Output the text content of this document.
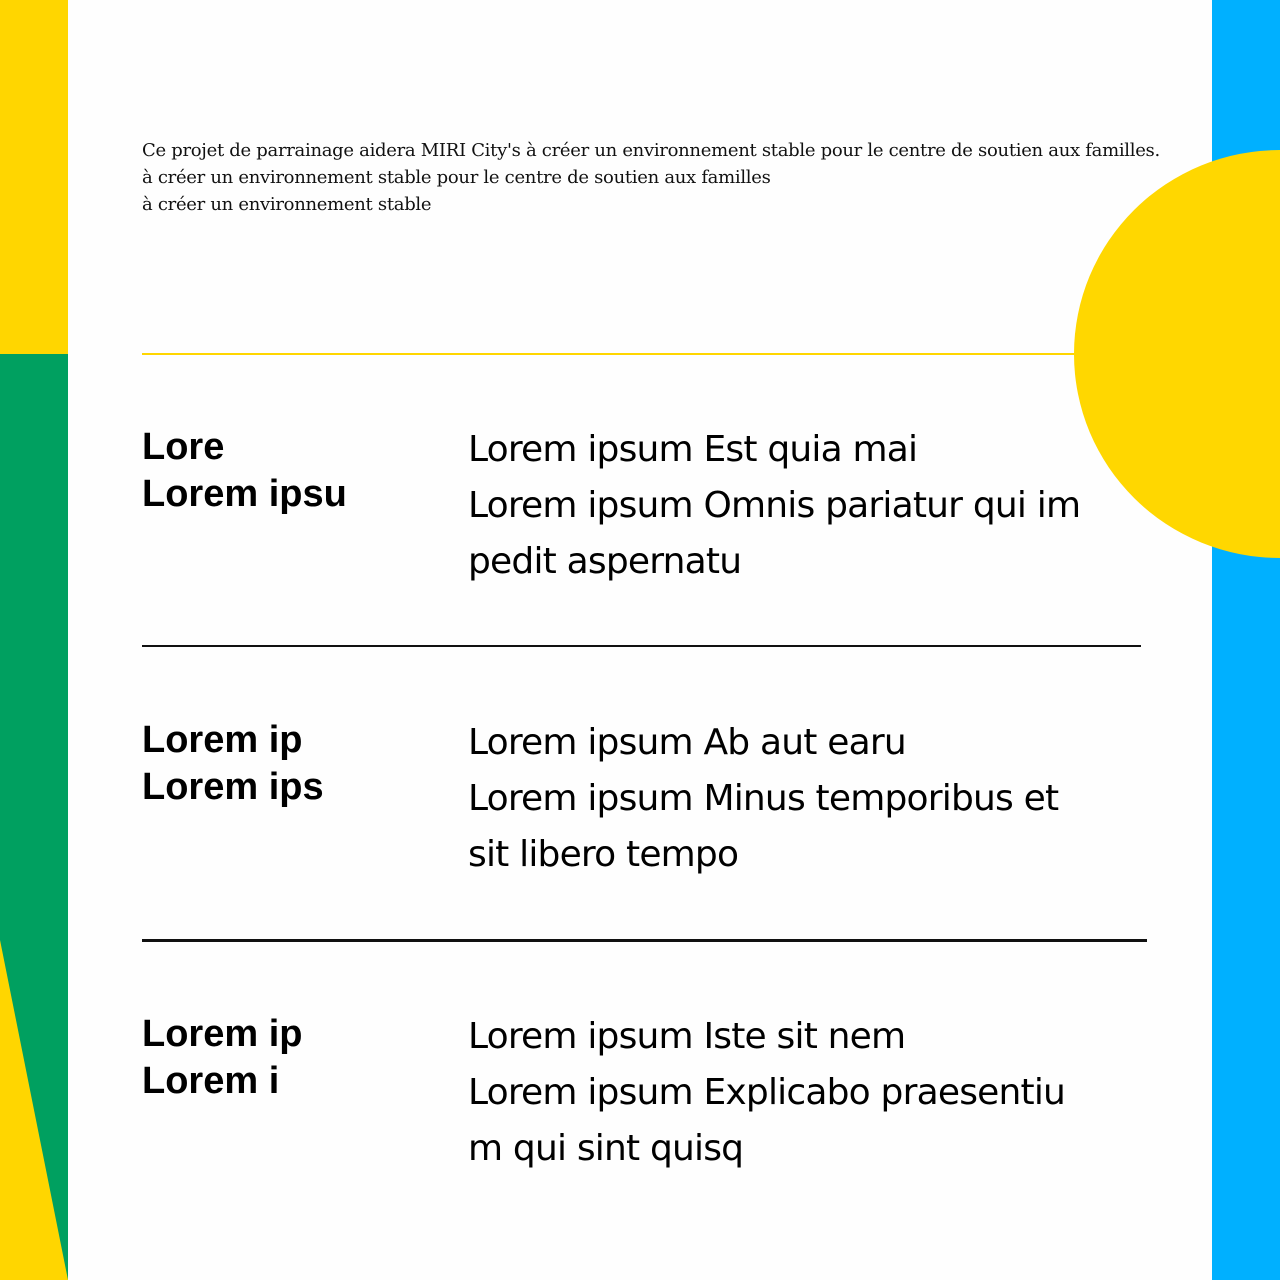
Ce projet de parrainage aidera MIRI City's à créer un environnement stable pour le centre de soutien aux familles.
à créer un environnement stable pour le centre de soutien aux familles
à créer un environnement stable
Lore
Lorem ipsu
Lorem ipsum Est quia mai
Lorem ipsum Omnis pariatur qui im
pedit aspernatu
Lorem ip
Lorem ips
Lorem ipsum Ab aut earu
Lorem ipsum Minus temporibus et
sit libero tempo
Lorem ip
Lorem i
Lorem ipsum Iste sit nem
Lorem ipsum Explicabo praesentiu
m qui sint quisq
